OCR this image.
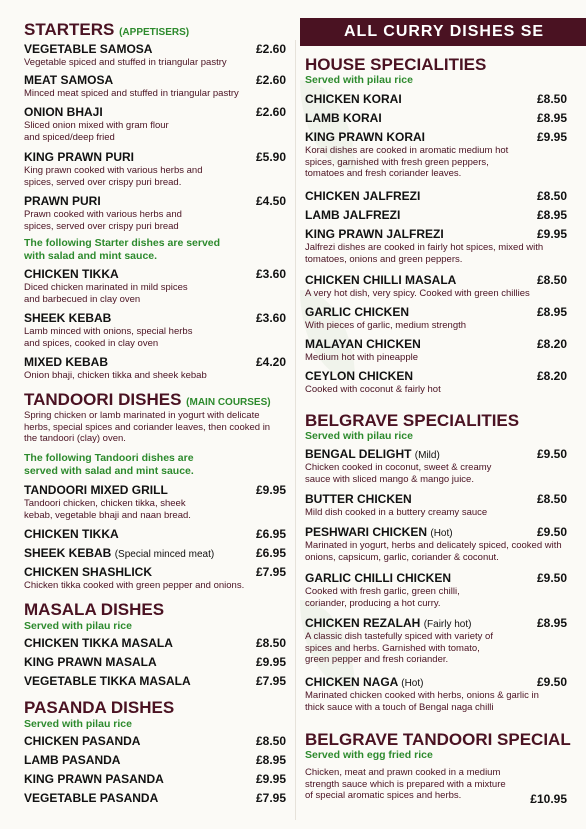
ALL CURRY DISHES SE
STARTERS (APPETISERS)
VEGETABLE SAMOSA	£2.60
Vegetable spiced and stuffed in triangular pastry
MEAT SAMOSA	£2.60
Minced meat spiced and stuffed in triangular pastry
ONION BHAJI	£2.60
Sliced onion mixed with gram flour and spiced/deep fried
KING PRAWN PURI	£5.90
King prawn cooked with various herbs and spices, served over crispy puri bread.
PRAWN PURI	£4.50
Prawn cooked with various herbs and spices, served over crispy puri bread
The following Starter dishes are served with salad and mint sauce.
CHICKEN TIKKA	£3.60
Diced chicken marinated in mild spices and barbecued in clay oven
SHEEK KEBAB	£3.60
Lamb minced with onions, special herbs and spices, cooked in clay oven
MIXED KEBAB	£4.20
Onion bhaji, chicken tikka and sheek kebab
TANDOORI DISHES (MAIN COURSES)
Spring chicken or lamb marinated in yogurt with delicate herbs, special spices and coriander leaves, then cooked in the tandoori (clay) oven.
The following Tandoori dishes are served with salad and mint sauce.
TANDOORI MIXED GRILL	£9.95
Tandoori chicken, chicken tikka, sheek kebab, vegetable bhaji and naan bread.
CHICKEN TIKKA	£6.95
SHEEK KEBAB (Special minced meat)	£6.95
CHICKEN SHASHLICK	£7.95
Chicken tikka cooked with green pepper and onions.
MASALA DISHES
Served with pilau rice
CHICKEN TIKKA MASALA	£8.50
KING PRAWN MASALA	£9.95
VEGETABLE TIKKA MASALA	£7.95
PASANDA DISHES
Served with pilau rice
CHICKEN PASANDA	£8.50
LAMB PASANDA	£8.95
KING PRAWN PASANDA	£9.95
VEGETABLE PASANDA	£7.95
HOUSE SPECIALITIES
Served with pilau rice
CHICKEN KORAI	£8.50
LAMB KORAI	£8.95
KING PRAWN KORAI	£9.95
Korai dishes are cooked in aromatic medium hot spices, garnished with fresh green peppers, tomatoes and fresh coriander leaves.
CHICKEN JALFREZI	£8.50
LAMB JALFREZI	£8.95
KING PRAWN JALFREZI	£9.95
Jalfrezi dishes are cooked in fairly hot spices, mixed with tomatoes, onions and green peppers.
CHICKEN CHILLI MASALA	£8.50
A very hot dish, very spicy. Cooked with green chillies
GARLIC CHICKEN	£8.95
With pieces of garlic, medium strength
MALAYAN CHICKEN	£8.20
Medium hot with pineapple
CEYLON CHICKEN	£8.20
Cooked with coconut & fairly hot
BELGRAVE SPECIALITIES
Served with pilau rice
BENGAL DELIGHT (Mild)	£9.50
Chicken cooked in coconut, sweet & creamy sauce with sliced mango & mango juice.
BUTTER CHICKEN	£8.50
Mild dish cooked in a buttery creamy sauce
PESHWARI CHICKEN (Hot)	£9.50
Marinated in yogurt, herbs and delicately spiced, cooked with onions, capsicum, garlic, coriander & coconut.
GARLIC CHILLI CHICKEN	£9.50
Cooked with fresh garlic, green chilli, coriander, producing a hot curry.
CHICKEN REZALAH (Fairly hot)	£8.95
A classic dish tastefully spiced with variety of spices and herbs. Garnished with tomato, green pepper and fresh coriander.
CHICKEN NAGA (Hot)	£9.50
Marinated chicken cooked with herbs, onions & garlic in thick sauce with a touch of Bengal naga chilli
BELGRAVE TANDOORI SPECIAL
Served with egg fried rice
Chicken, meat and prawn cooked in a medium strength sauce which is prepared with a mixture of special aromatic spices and herbs.	£10.95
